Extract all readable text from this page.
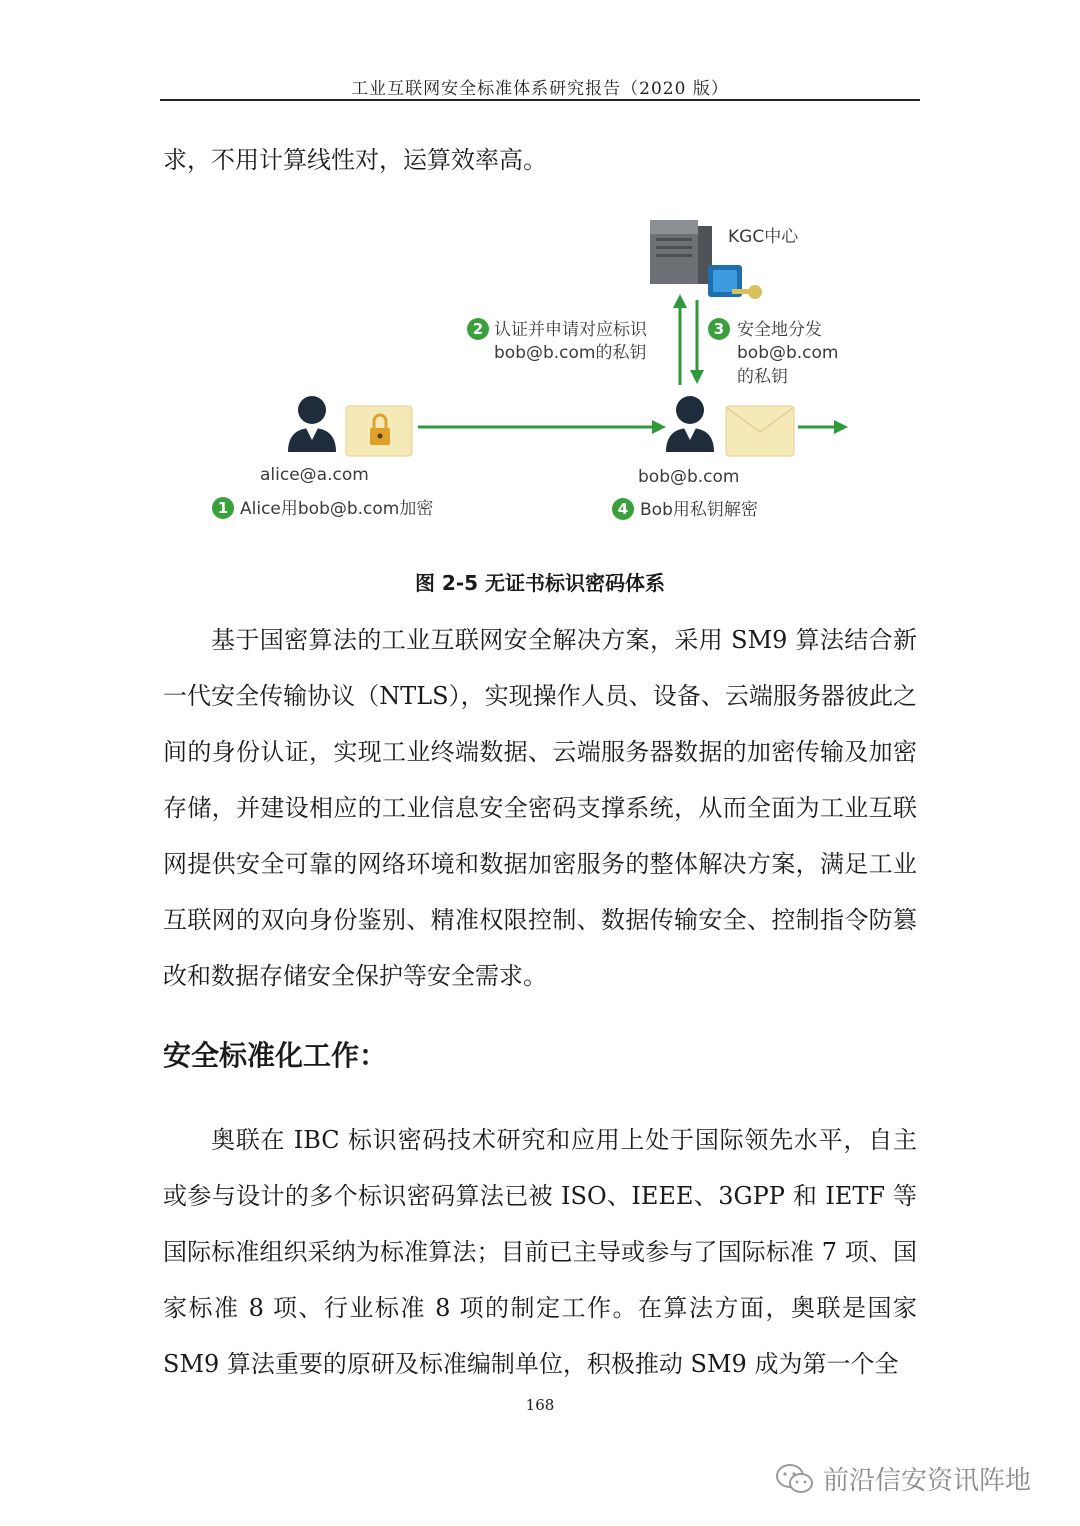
工业互联网安全标准体系研究报告（2020 版）
求，不用计算线性对，运算效率高。
KGC中心
2 认证并申请对应标识
bob@b.com的私钥
3 安全地分发
bob@b.com
的私钥
alice@a.com	bob@b.com
1 Alice用bob@b.com加密	4 Bob用私钥解密
图 2-5 无证书标识密码体系
基于国密算法的工业互联网安全解决方案，采用 SM9 算法结合新一代安全传输协议（NTLS），实现操作人员、设备、云端服务器彼此之间的身份认证，实现工业终端数据、云端服务器数据的加密传输及加密存储，并建设相应的工业信息安全密码支撑系统，从而全面为工业互联网提供安全可靠的网络环境和数据加密服务的整体解决方案，满足工业互联网的双向身份鉴别、精准权限控制、数据传输安全、控制指令防篡改和数据存储安全保护等安全需求。
安全标准化工作：
奥联在 IBC 标识密码技术研究和应用上处于国际领先水平，自主或参与设计的多个标识密码算法已被 ISO、IEEE、3GPP 和 IETF 等国际标准组织采纳为标准算法；目前已主导或参与了国际标准 7 项、国家标准 8 项、行业标准 8 项的制定工作。在算法方面，奥联是国家 SM9 算法重要的原研及标准编制单位，积极推动 SM9 成为第一个全
168
前沿信安资讯阵地
